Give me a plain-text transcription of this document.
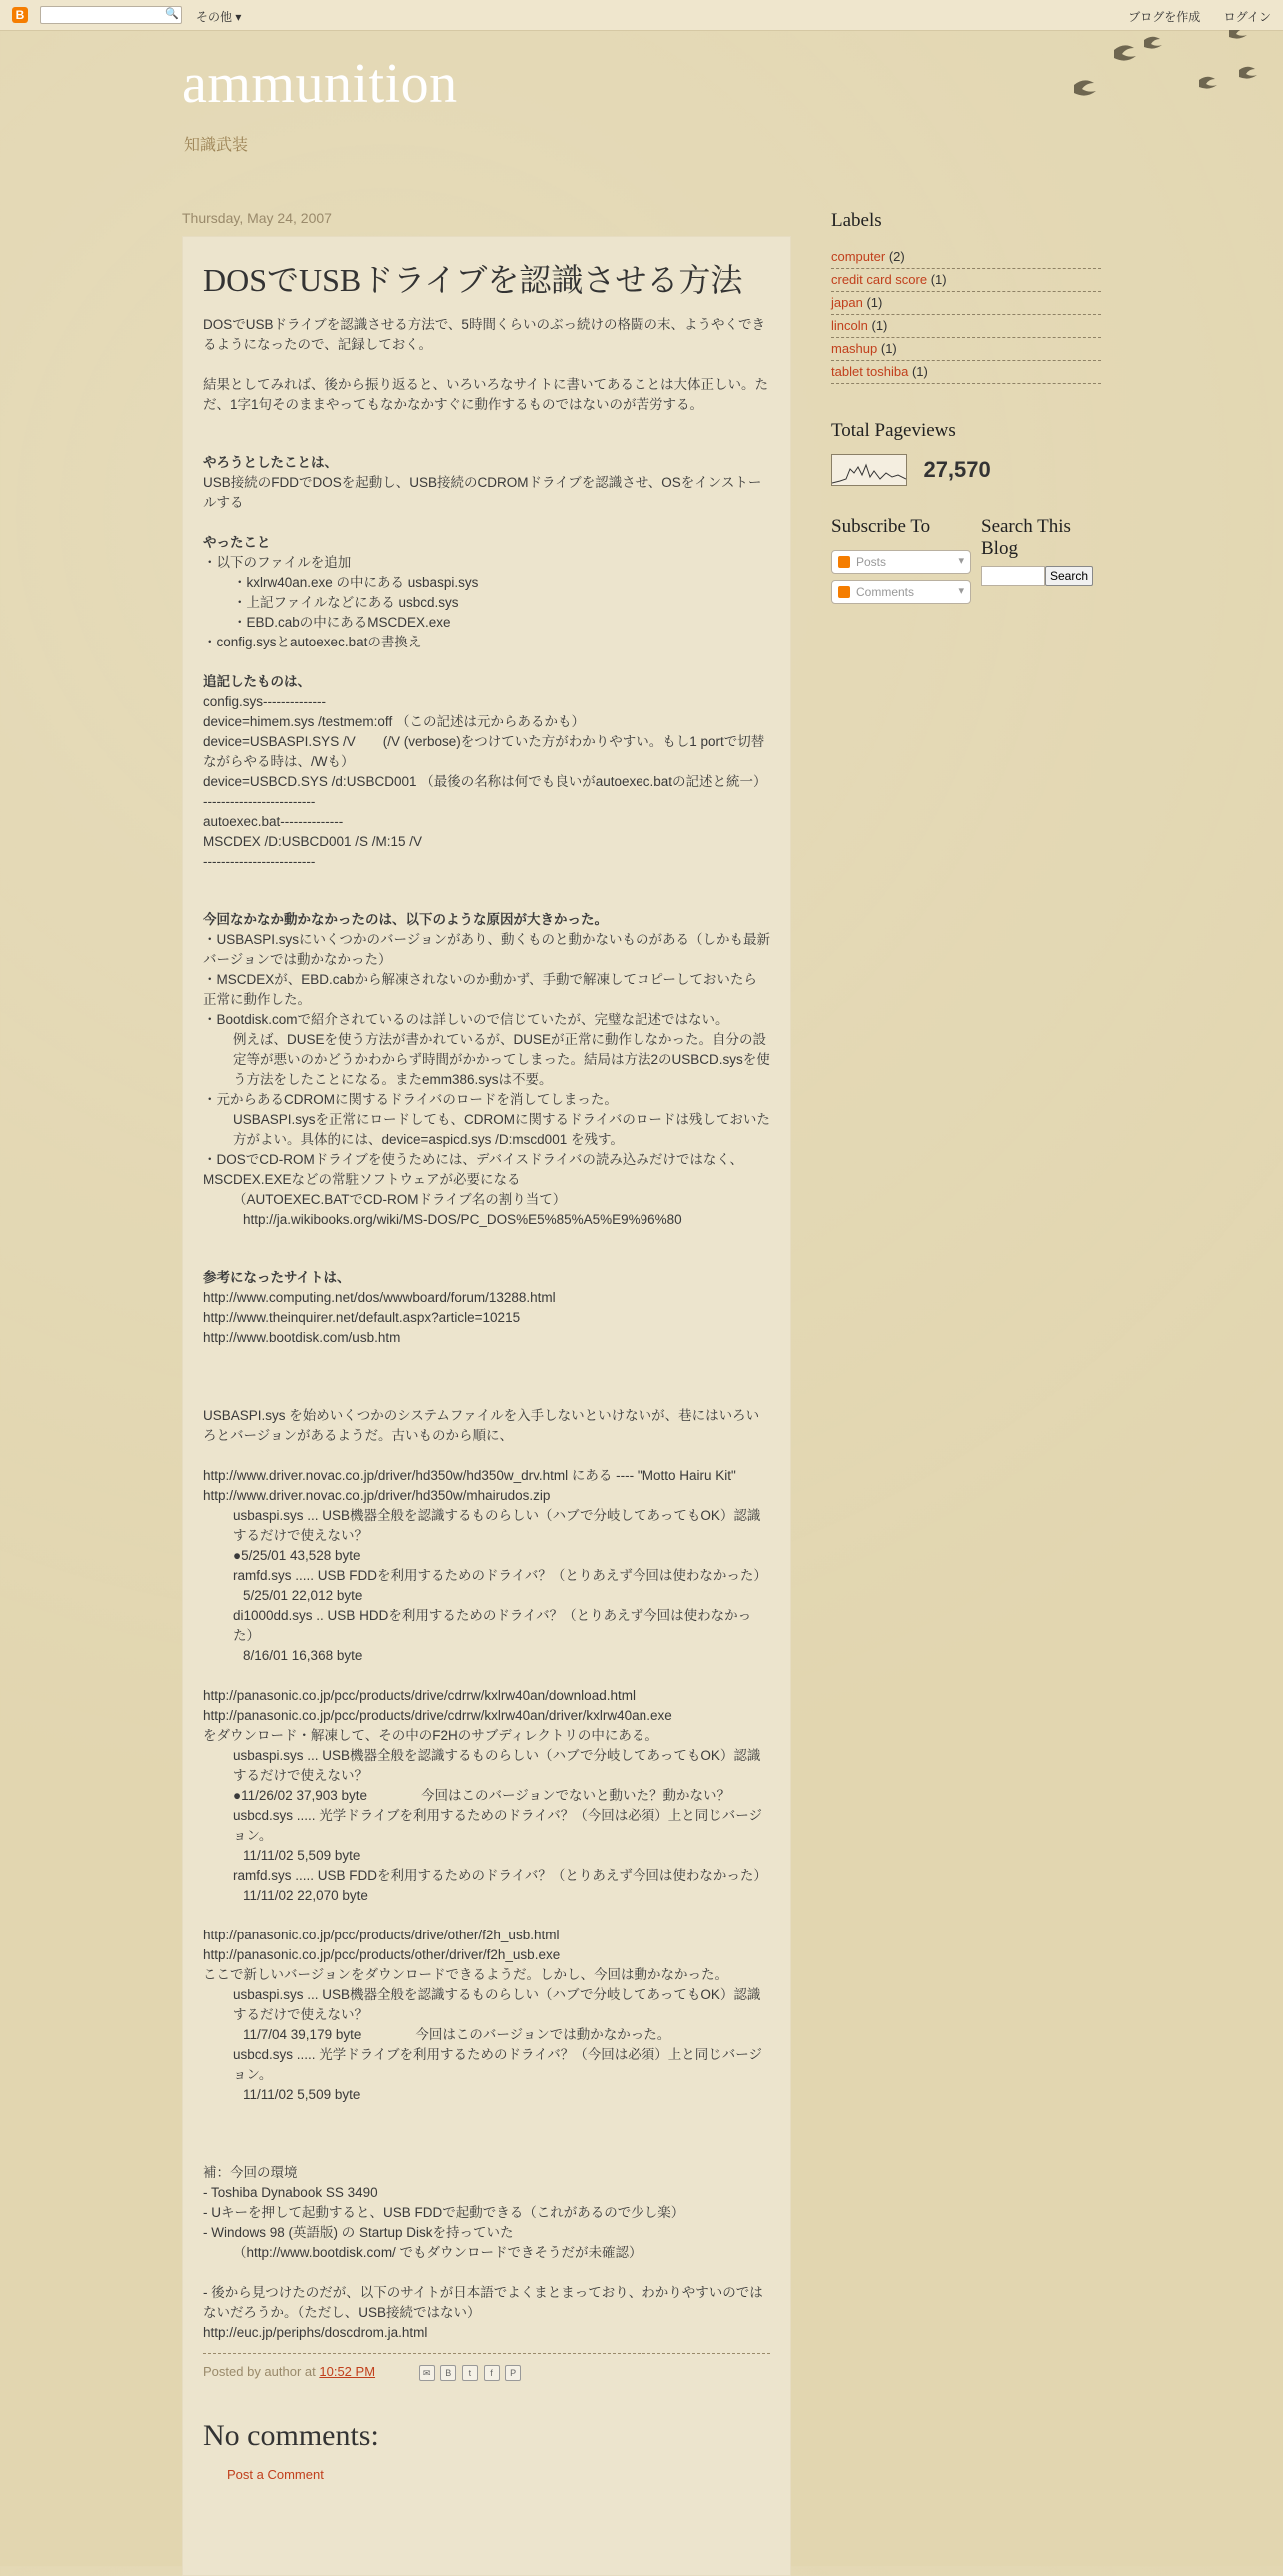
B	🔍 その他 ▾	ブログを作成 ログイン
ammunition
知識武装
Thursday, May 24, 2007
DOSでUSBドライブを認識させる方法

DOSでUSBドライブを認識させる方法で、5時間くらいのぶっ続けの格闘の末、ようやくできるようになったので、記録しておく。

結果としてみれば、後から振り返ると、いろいろなサイトに書いてあることは大体正しい。ただ、1字1句そのままやってもなかなかすぐに動作するものではないのが苦労する。

やろうとしたことは、

USB接続のFDDでDOSを起動し、USB接続のCDROMドライブを認識させ、OSをインストールする

やったこと

・以下のファイルを追加

・kxlrw40an.exe の中にある usbaspi.sys

・上記ファイルなどにある usbcd.sys

・EBD.cabの中にあるMSCDEX.exe

・config.sysとautoexec.batの書換え

追記したものは、

config.sys--------------

device=himem.sys /testmem:off （この記述は元からあるかも）

device=USBASPI.SYS /V　　(/V (verbose)をつけていた方がわかりやすい。もし1 portで切替ながらやる時は、/Wも）

device=USBCD.SYS /d:USBCD001 （最後の名称は何でも良いがautoexec.batの記述と統一）

-------------------------

autoexec.bat--------------

MSCDEX /D:USBCD001 /S /M:15 /V

-------------------------

今回なかなか動かなかったのは、以下のような原因が大きかった。

・USBASPI.sysにいくつかのバージョンがあり、動くものと動かないものがある（しかも最新バージョンでは動かなかった）

・MSCDEXが、EBD.cabから解凍されないのか動かず、手動で解凍してコピーしておいたら正常に動作した。

・Bootdisk.comで紹介されているのは詳しいので信じていたが、完璧な記述ではない。

例えば、DUSEを使う方法が書かれているが、DUSEが正常に動作しなかった。自分の設定等が悪いのかどうかわからず時間がかかってしまった。結局は方法2のUSBCD.sysを使う方法をしたことになる。またemm386.sysは不要。

・元からあるCDROMに関するドライバのロードを消してしまった。

USBASPI.sysを正常にロードしても、CDROMに関するドライバのロードは残しておいた方がよい。具体的には、device=aspicd.sys /D:mscd001 を残す。

・DOSでCD-ROMドライブを使うためには、デバイスドライバの読み込みだけではなく、MSCDEX.EXEなどの常駐ソフトウェアが必要になる

（AUTOEXEC.BATでCD-ROMドライブ名の割り当て）

http://ja.wikibooks.org/wiki/MS-DOS/PC_DOS%E5%85%A5%E9%96%80

参考になったサイトは、

http://www.computing.net/dos/wwwboard/forum/13288.html

http://www.theinquirer.net/default.aspx?article=10215

http://www.bootdisk.com/usb.htm

USBASPI.sys を始めいくつかのシステムファイルを入手しないといけないが、巷にはいろいろとバージョンがあるようだ。古いものから順に、

http://www.driver.novac.co.jp/driver/hd350w/hd350w_drv.html にある ---- "Motto Hairu Kit"

http://www.driver.novac.co.jp/driver/hd350w/mhairudos.zip

usbaspi.sys ... USB機器全般を認識するものらしい（ハブで分岐してあってもOK）認識するだけで使えない？

●5/25/01 43,528 byte

ramfd.sys ..... USB FDDを利用するためのドライバ？（とりあえず今回は使わなかった）

5/25/01 22,012 byte

di1000dd.sys .. USB HDDを利用するためのドライバ？（とりあえず今回は使わなかった）

8/16/01 16,368 byte

http://panasonic.co.jp/pcc/products/drive/cdrrw/kxlrw40an/download.html

http://panasonic.co.jp/pcc/products/drive/cdrrw/kxlrw40an/driver/kxlrw40an.exe

をダウンロード・解凍して、その中のF2Hのサブディレクトリの中にある。

usbaspi.sys ... USB機器全般を認識するものらしい（ハブで分岐してあってもOK）認識するだけで使えない？

●11/26/02 37,903 byte　　　　今回はこのバージョンでないと動いた？動かない？

usbcd.sys ..... 光学ドライブを利用するためのドライバ？（今回は必須）上と同じバージョン。

11/11/02 5,509 byte

ramfd.sys ..... USB FDDを利用するためのドライバ？（とりあえず今回は使わなかった）

11/11/02 22,070 byte

http://panasonic.co.jp/pcc/products/drive/other/f2h_usb.html

http://panasonic.co.jp/pcc/products/other/driver/f2h_usb.exe

ここで新しいバージョンをダウンロードできるようだ。しかし、今回は動かなかった。

usbaspi.sys ... USB機器全般を認識するものらしい（ハブで分岐してあってもOK）認識するだけで使えない？

11/7/04 39,179 byte　　　　今回はこのバージョンでは動かなかった。

usbcd.sys ..... 光学ドライブを利用するためのドライバ？（今回は必須）上と同じバージョン。

11/11/02 5,509 byte

補：今回の環境

- Toshiba Dynabook SS 3490

- Uキーを押して起動すると、USB FDDで起動できる（これがあるので少し楽）

- Windows 98 (英語版) の Startup Diskを持っていた

（http://www.bootdisk.com/ でもダウンロードできそうだが未確認）

- 後から見つけたのだが、以下のサイトが日本語でよくまとまっており、わかりやすいのではないだろうか。（ただし、USB接続ではない）

http://euc.jp/periphs/doscdrom.ja.html

Posted by author at 10:52 PM	✉ B t f P
No comments:
Post a Comment
Labels
computer (2)
credit card score (1)
japan (1)
lincoln (1)
mashup (1)
tablet toshiba (1)
Total Pageviews
27,570
Subscribe To
Posts	▾
Comments	▾
Search This Blog
Search
